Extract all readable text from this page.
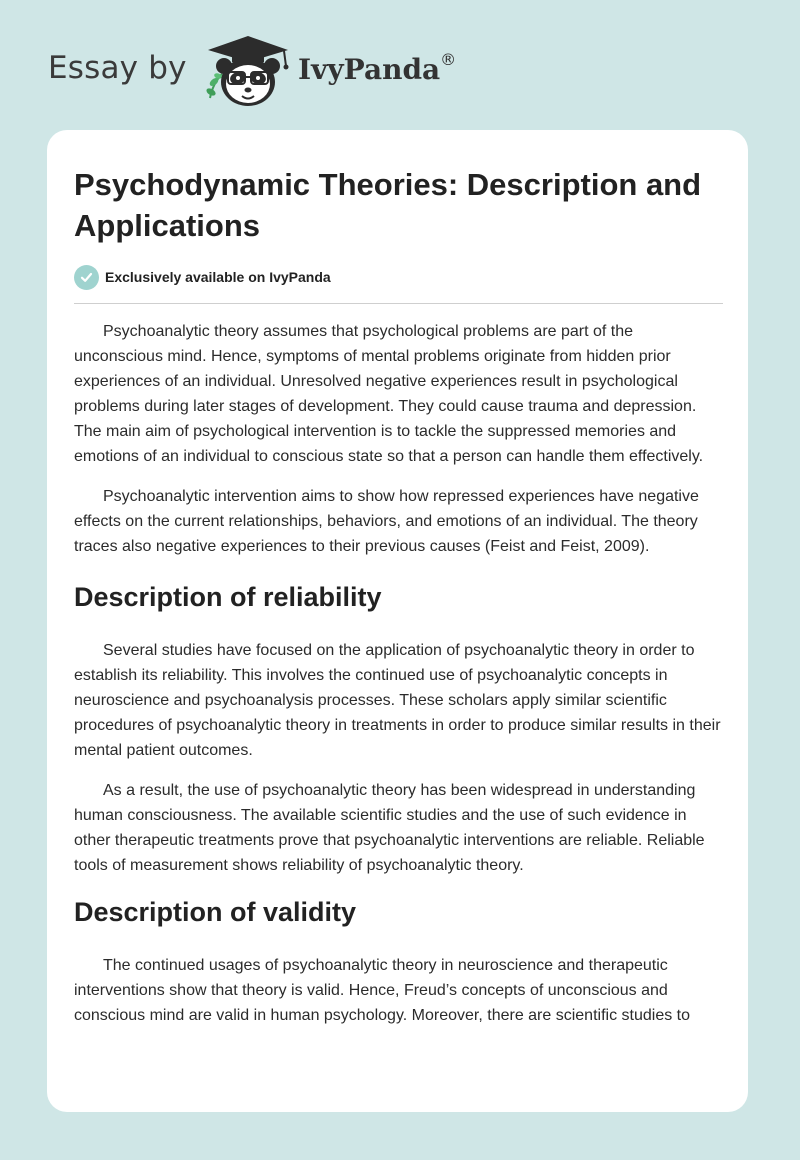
Essay by	IvyPanda®
Psychodynamic Theories: Description and Applications
Exclusively available on IvyPanda

Psychoanalytic theory assumes that psychological problems are part of the unconscious mind. Hence, symptoms of mental problems originate from hidden prior experiences of an individual. Unresolved negative experiences result in psychological problems during later stages of development. They could cause trauma and depression. The main aim of psychological intervention is to tackle the suppressed memories and emotions of an individual to conscious state so that a person can handle them effectively.

Psychoanalytic intervention aims to show how repressed experiences have negative effects on the current relationships, behaviors, and emotions of an individual. The theory traces also negative experiences to their previous causes (Feist and Feist, 2009).

Description of reliability

Several studies have focused on the application of psychoanalytic theory in order to establish its reliability. This involves the continued use of psychoanalytic concepts in neuroscience and psychoanalysis processes. These scholars apply similar scientific procedures of psychoanalytic theory in treatments in order to produce similar results in their mental patient outcomes.

As a result, the use of psychoanalytic theory has been widespread in understanding human consciousness. The available scientific studies and the use of such evidence in other therapeutic treatments prove that psychoanalytic interventions are reliable. Reliable tools of measurement shows reliability of psychoanalytic theory.

Description of validity

The continued usages of psychoanalytic theory in neuroscience and therapeutic interventions show that theory is valid. Hence, Freud’s concepts of unconscious and conscious mind are valid in human psychology. Moreover, there are scientific studies to
